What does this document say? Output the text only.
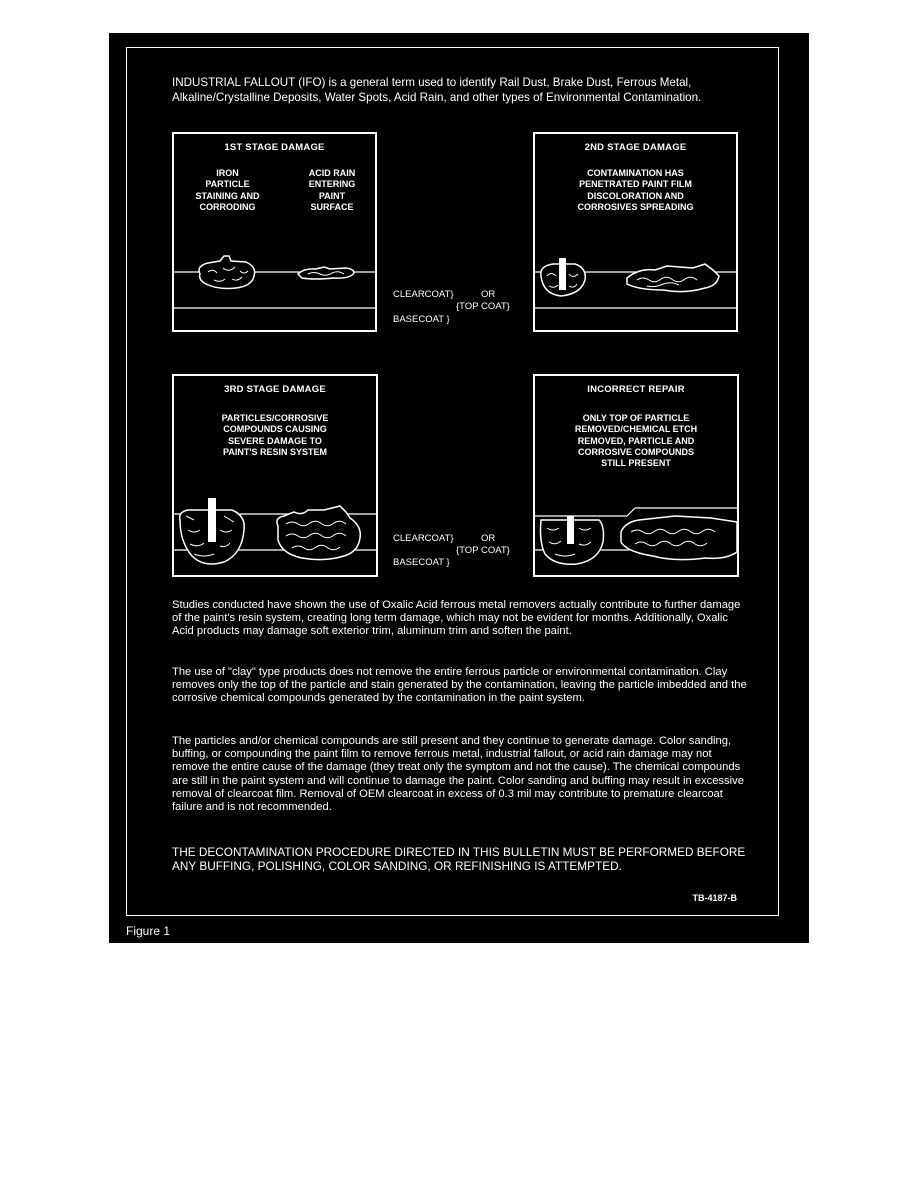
INDUSTRIAL FALLOUT (IFO) is a general term used to identify Rail Dust, Brake Dust, Ferrous Metal, Alkaline/Crystalline Deposits, Water Spots, Acid Rain, and other types of Environmental Contamination.
1ST STAGE DAMAGE
IRON
PARTICLE
STAINING AND
CORRODING
ACID RAIN
ENTERING
PAINT
SURFACE
2ND STAGE DAMAGE
CONTAMINATION HAS
PENETRATED PAINT FILM
DISCOLORATION AND
CORROSIVES SPREADING
CLEARCOAT}	OR
{TOP COAT}
BASECOAT }
3RD STAGE DAMAGE
PARTICLES/CORROSIVE
COMPOUNDS CAUSING
SEVERE DAMAGE TO
PAINT'S RESIN SYSTEM
INCORRECT REPAIR
ONLY TOP OF PARTICLE
REMOVED/CHEMICAL ETCH
REMOVED, PARTICLE AND
CORROSIVE COMPOUNDS
STILL PRESENT
CLEARCOAT}	OR
{TOP COAT}
BASECOAT }
Studies conducted have shown the use of Oxalic Acid ferrous metal removers actually contribute to further damage of the paint's resin system, creating long term damage, which may not be evident for months. Additionally, Oxalic Acid products may damage soft exterior trim, aluminum trim and soften the paint.
The use of "clay" type products does not remove the entire ferrous particle or environmental contamination. Clay removes only the top of the particle and stain generated by the contamination, leaving the particle imbedded and the corrosive chemical compounds generated by the contamination in the paint system.
The particles and/or chemical compounds are still present and they continue to generate damage. Color sanding, buffing, or compounding the paint film to remove ferrous metal, industrial fallout, or acid rain damage may not remove the entire cause of the damage (they treat only the symptom and not the cause). The chemical compounds are still in the paint system and will continue to damage the paint. Color sanding and buffing may result in excessive removal of clearcoat film. Removal of OEM clearcoat in excess of 0.3 mil may contribute to premature clearcoat failure and is not recommended.
THE DECONTAMINATION PROCEDURE DIRECTED IN THIS BULLETIN MUST BE PERFORMED BEFORE ANY BUFFING, POLISHING, COLOR SANDING, OR REFINISHING IS ATTEMPTED.
TB-4187-B
Figure 1
